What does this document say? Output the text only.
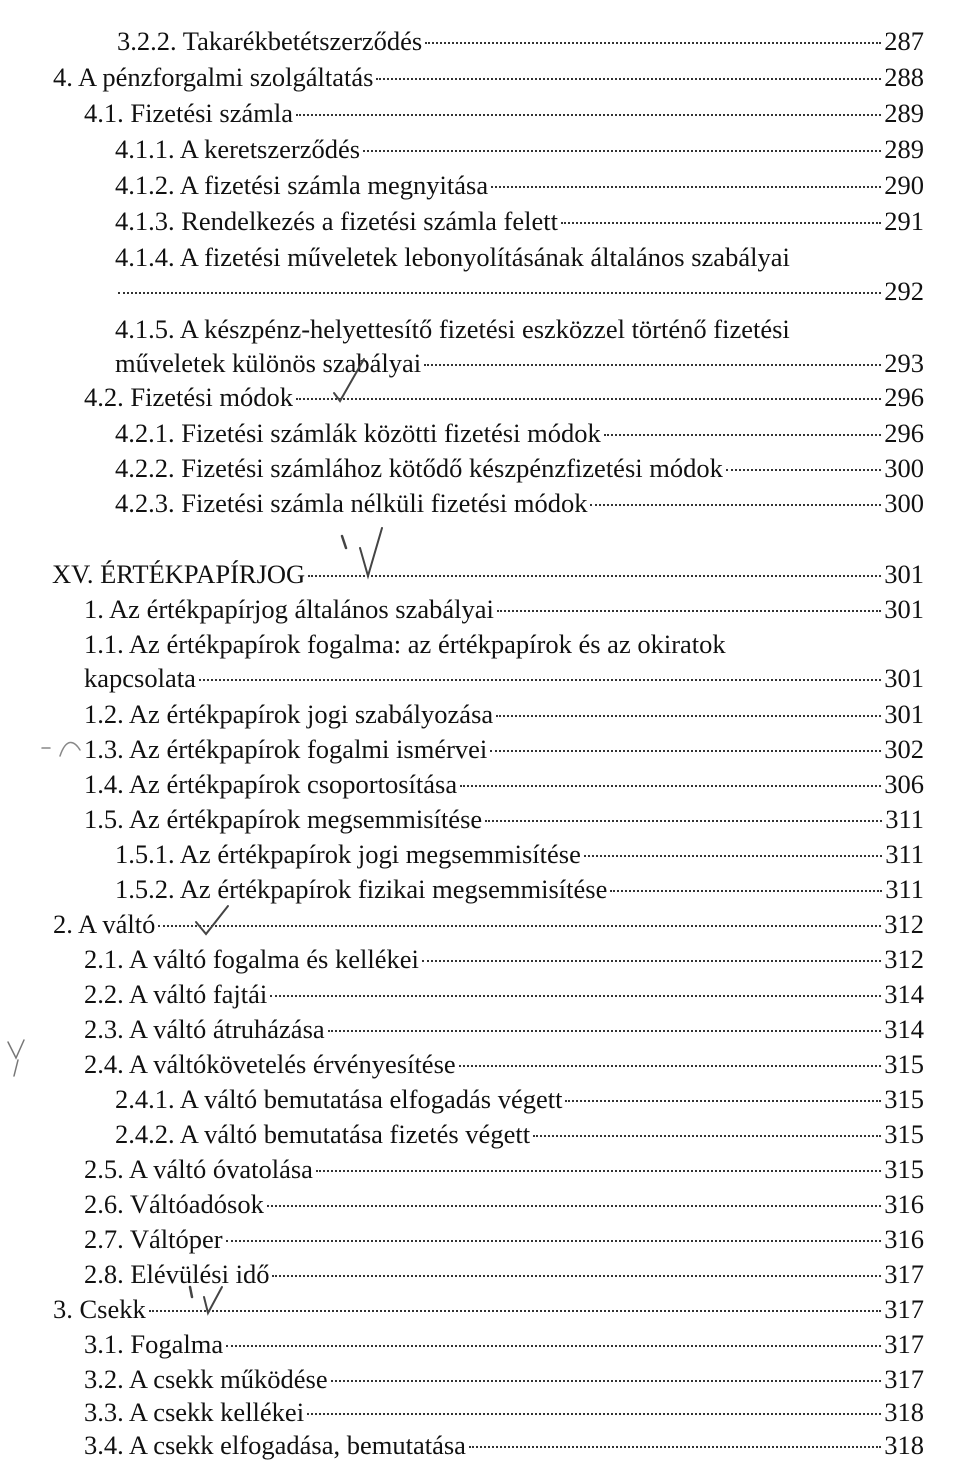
3.2.2. Takarékbetétszerződés	287
4. A pénzforgalmi szolgáltatás	288
4.1. Fizetési számla	289
4.1.1. A keretszerződés	289
4.1.2. A fizetési számla megnyitása	290
4.1.3. Rendelkezés a fizetési számla felett	291
4.1.4. A fizetési műveletek lebonyolításának általános szabályai
292
4.1.5. A készpénz-helyettesítő fizetési eszközzel történő fizetési
műveletek különös szabályai	293
4.2. Fizetési módok	296
4.2.1. Fizetési számlák közötti fizetési módok	296
4.2.2. Fizetési számlához kötődő készpénzfizetési módok	300
4.2.3. Fizetési számla nélküli fizetési módok	300
XV. ÉRTÉKPAPÍRJOG	301
1. Az értékpapírjog általános szabályai	301
1.1. Az értékpapírok fogalma: az értékpapírok és az okiratok
kapcsolata	301
1.2. Az értékpapírok jogi szabályozása	301
1.3. Az értékpapírok fogalmi ismérvei	302
1.4. Az értékpapírok csoportosítása	306
1.5. Az értékpapírok megsemmisítése	311
1.5.1. Az értékpapírok jogi megsemmisítése	311
1.5.2. Az értékpapírok fizikai megsemmisítése	311
2. A váltó	312
2.1. A váltó fogalma és kellékei	312
2.2. A váltó fajtái	314
2.3. A váltó átruházása	314
2.4. A váltókövetelés érvényesítése	315
2.4.1. A váltó bemutatása elfogadás végett	315
2.4.2. A váltó bemutatása fizetés végett	315
2.5. A váltó óvatolása	315
2.6. Váltóadósok	316
2.7. Váltóper	316
2.8. Elévülési idő	317
3. Csekk	317
3.1. Fogalma	317
3.2. A csekk működése	317
3.3. A csekk kellékei	318
3.4. A csekk elfogadása, bemutatása	318
